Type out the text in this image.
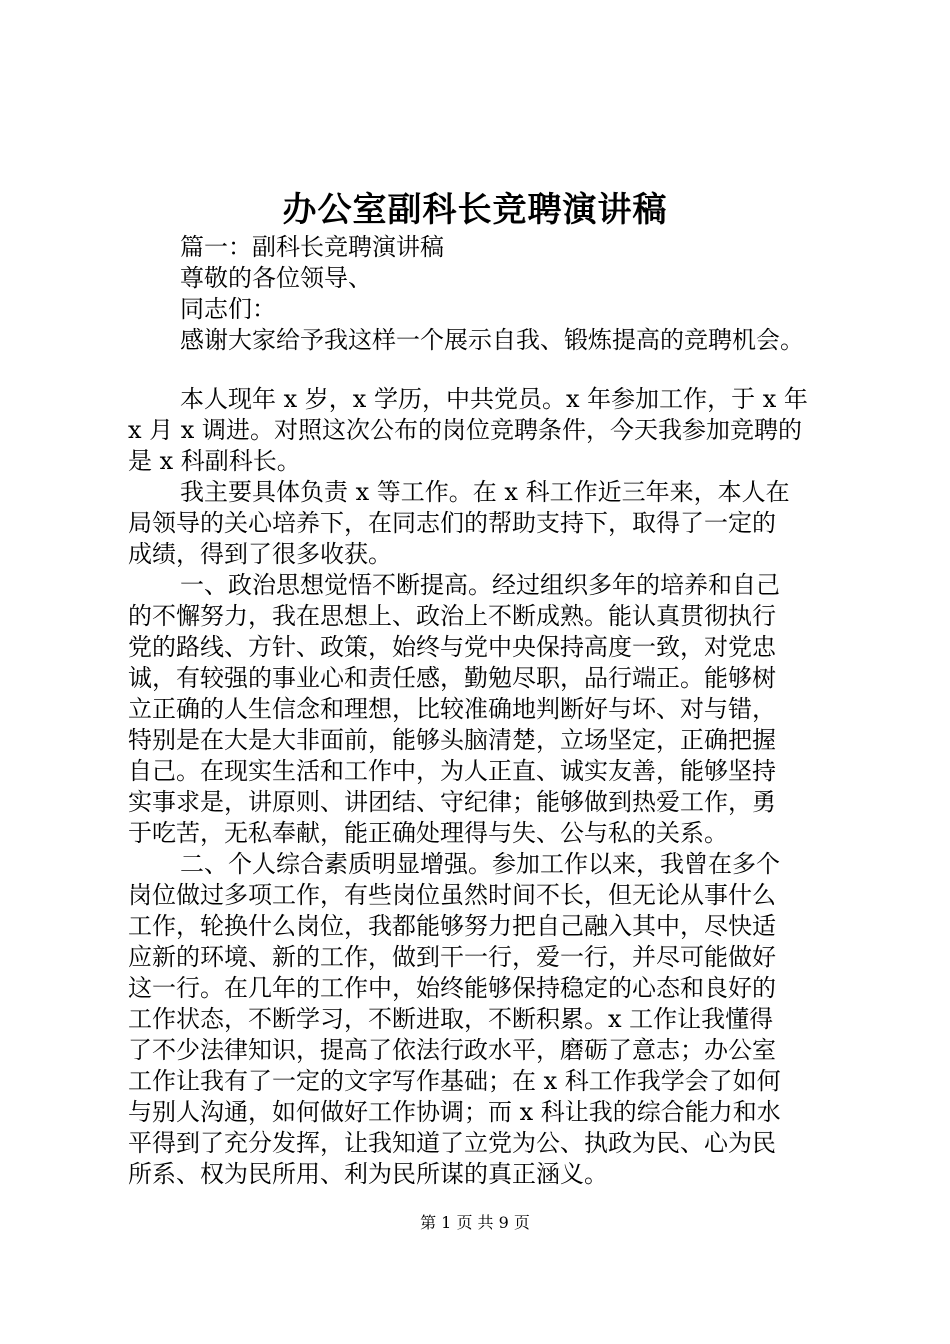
办公室副科长竞聘演讲稿
篇一：副科长竞聘演讲稿
尊敬的各位领导、
同志们：
感谢大家给予我这样一个展示自我、锻炼提高的竞聘机会。
本人现年 x 岁，x 学历，中共党员。x 年参加工作，于 x 年
x 月 x 调进。对照这次公布的岗位竞聘条件，今天我参加竞聘的
是 x 科副科长。
我主要具体负责 x 等工作。在 x 科工作近三年来，本人在
局领导的关心培养下，在同志们的帮助支持下，取得了一定的
成绩，得到了很多收获。
一、政治思想觉悟不断提高。经过组织多年的培养和自己
的不懈努力，我在思想上、政治上不断成熟。能认真贯彻执行
党的路线、方针、政策，始终与党中央保持高度一致，对党忠
诚，有较强的事业心和责任感，勤勉尽职，品行端正。能够树
立正确的人生信念和理想，比较准确地判断好与坏、对与错，
特别是在大是大非面前，能够头脑清楚，立场坚定，正确把握
自己。在现实生活和工作中，为人正直、诚实友善，能够坚持
实事求是，讲原则、讲团结、守纪律；能够做到热爱工作，勇
于吃苦，无私奉献，能正确处理得与失、公与私的关系。
二、个人综合素质明显增强。参加工作以来，我曾在多个
岗位做过多项工作，有些岗位虽然时间不长，但无论从事什么
工作，轮换什么岗位，我都能够努力把自己融入其中，尽快适
应新的环境、新的工作，做到干一行，爱一行，并尽可能做好
这一行。在几年的工作中，始终能够保持稳定的心态和良好的
工作状态，不断学习，不断进取，不断积累。x 工作让我懂得
了不少法律知识，提高了依法行政水平，磨砺了意志；办公室
工作让我有了一定的文字写作基础；在 x 科工作我学会了如何
与别人沟通，如何做好工作协调；而 x 科让我的综合能力和水
平得到了充分发挥，让我知道了立党为公、执政为民、心为民
所系、权为民所用、利为民所谋的真正涵义。
第 1 页 共 9 页
